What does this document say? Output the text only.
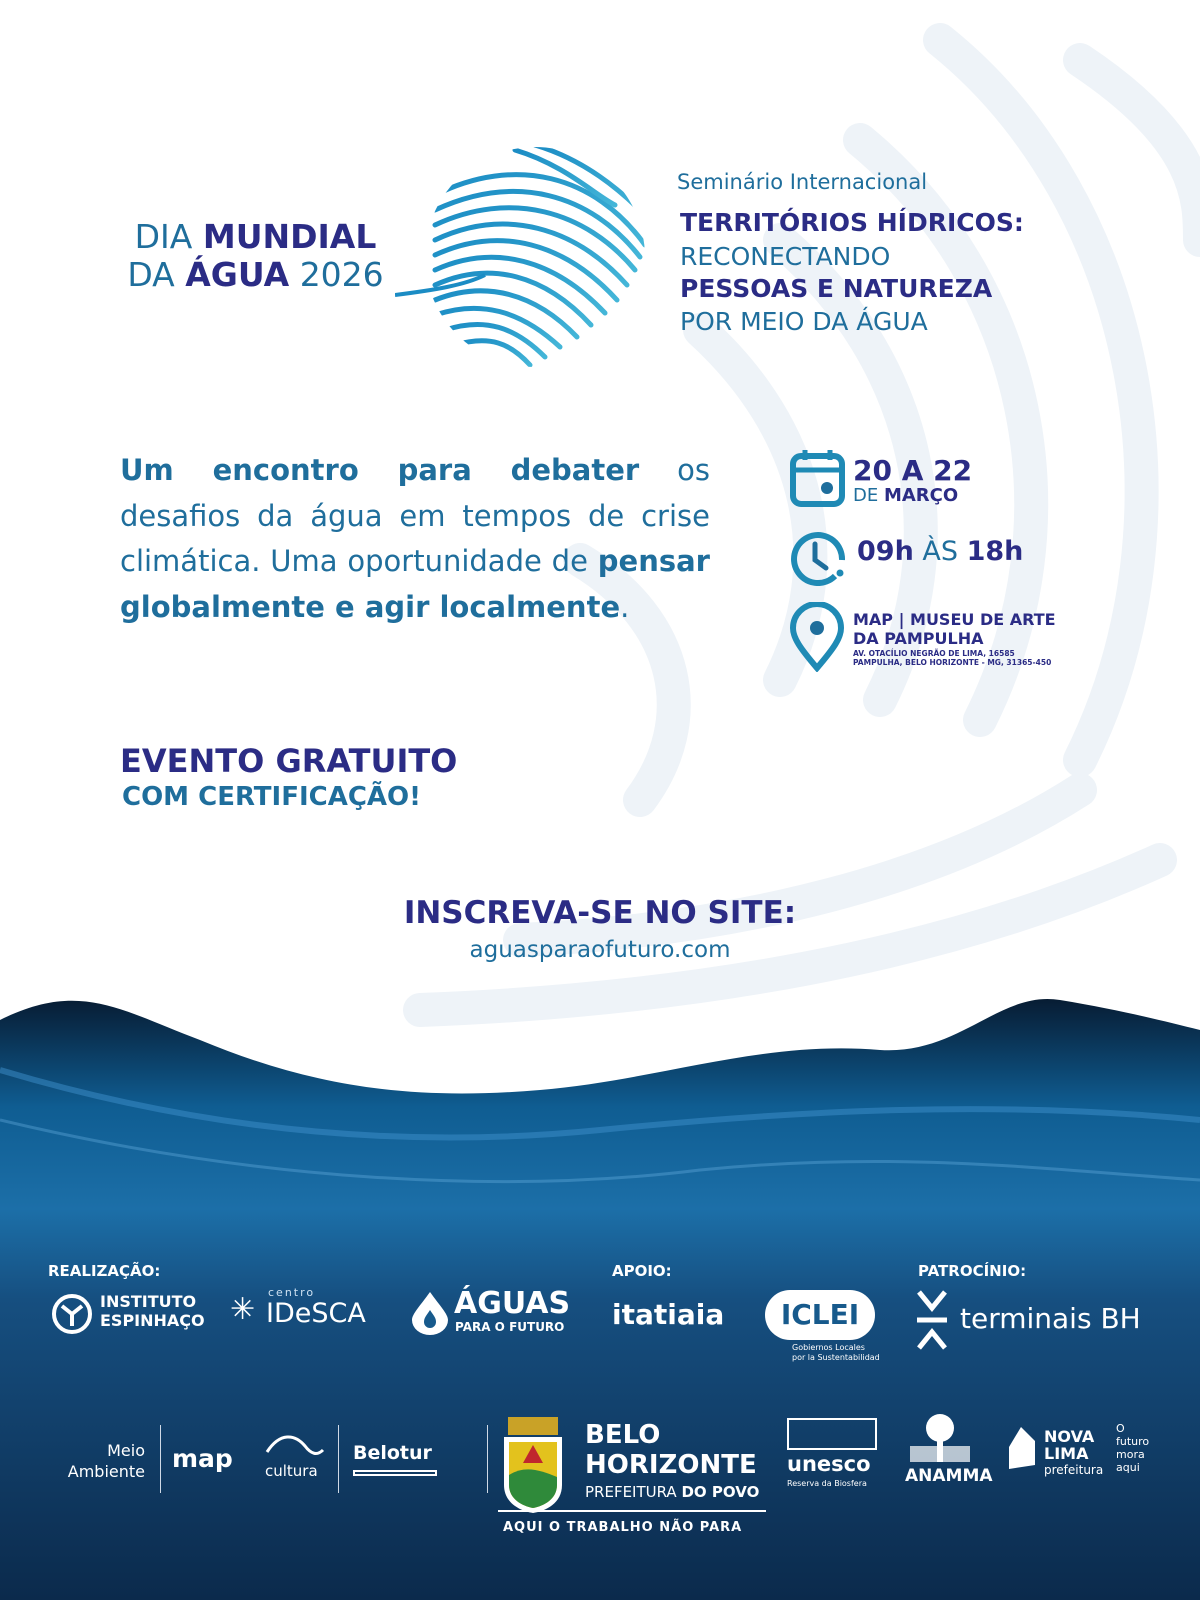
DIA MUNDIAL
DA ÁGUA 2026
Seminário Internacional
TERRITÓRIOS HÍDRICOS:
RECONECTANDO
PESSOAS E NATUREZA
POR MEIO DA ÁGUA

Um encontro para debater os desafios da água em tempos de crise climática. Uma oportunidade de pensar globalmente e agir localmente.

20 A 22
DE MARÇO
09h ÀS 18h
MAP | MUSEU DE ARTE
DA PAMPULHA
AV. OTACÍLIO NEGRÃO DE LIMA, 16585
PAMPULHA, BELO HORIZONTE - MG, 31365-450
EVENTO GRATUITO
COM CERTIFICAÇÃO!
INSCREVA-SE NO SITE:
aguasparaofuturo.com
REALIZAÇÃO:	APOIO:	PATROCÍNIO:
INSTITUTO
ESPINHAÇO ✳ centro
IDeSCA	ÁGUAS
PARA O FUTURO itatiaia	ICLEI
Gobiernos Locales
por la Sustentabilidad
terminais BH
Meio
Ambiente map cultura
Belotur
BELO
HORIZONTE
PREFEITURA DO POVO
AQUI O TRABALHO NÃO PARA
unesco
Reserva da Biosfera ANAMMA
NOVA
LIMA
prefeitura
O
futuro
mora
aqui
